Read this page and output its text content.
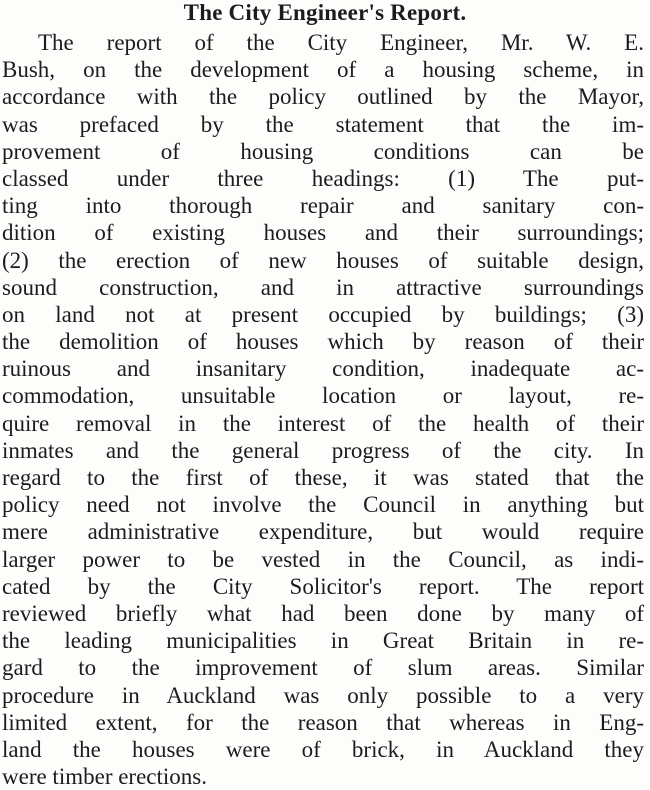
The City Engineer's Report.
The report of the City Engineer, Mr. W. E.
Bush, on the development of a housing scheme, in
accordance with the policy outlined by the Mayor,
was prefaced by the statement that the im-
provement of housing conditions can be
classed under three headings: (1) The put-
ting into thorough repair and sanitary con-
dition of existing houses and their surroundings;
(2) the erection of new houses of suitable design,
sound construction, and in attractive surroundings
on land not at present occupied by buildings; (3)
the demolition of houses which by reason of their
ruinous and insanitary condition, inadequate ac-
commodation, unsuitable location or layout, re-
quire removal in the interest of the health of their
inmates and the general progress of the city. In
regard to the first of these, it was stated that the
policy need not involve the Council in anything but
mere administrative expenditure, but would require
larger power to be vested in the Council, as indi-
cated by the City Solicitor's report. The report
reviewed briefly what had been done by many of
the leading municipalities in Great Britain in re-
gard to the improvement of slum areas. Similar
procedure in Auckland was only possible to a very
limited extent, for the reason that whereas in Eng-
land the houses were of brick, in Auckland they
were timber erections.
